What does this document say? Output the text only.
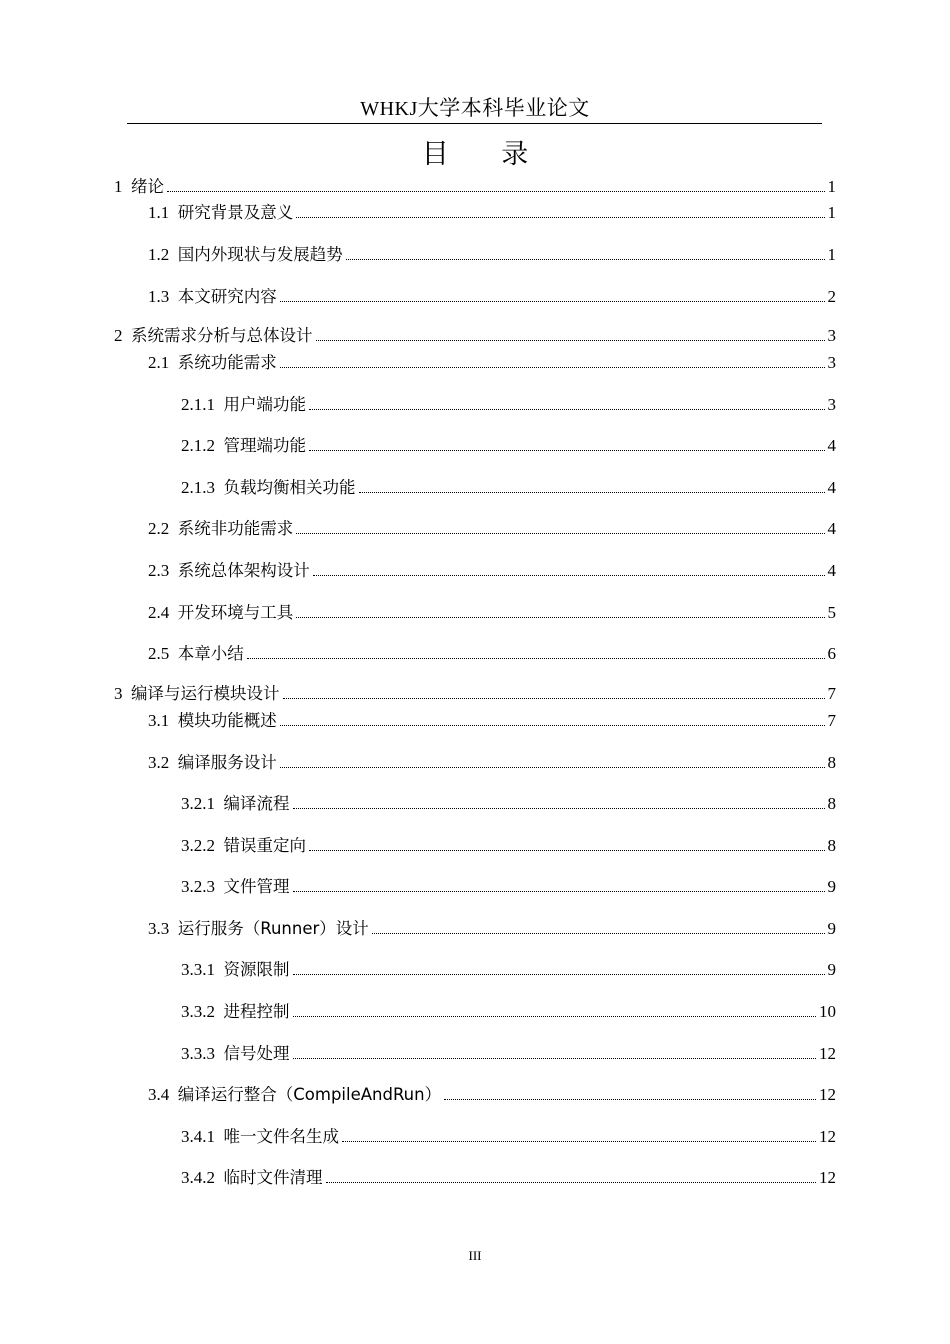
WHKJ大学本科毕业论文
目 录
1 绪论	1
1.1 研究背景及意义	1
1.2 国内外现状与发展趋势	1
1.3 本文研究内容	2
2 系统需求分析与总体设计	3
2.1 系统功能需求	3
2.1.1 用户端功能	3
2.1.2 管理端功能	4
2.1.3 负载均衡相关功能	4
2.2 系统非功能需求	4
2.3 系统总体架构设计	4
2.4 开发环境与工具	5
2.5 本章小结	6
3 编译与运行模块设计	7
3.1 模块功能概述	7
3.2 编译服务设计	8
3.2.1 编译流程	8
3.2.2 错误重定向	8
3.2.3 文件管理	9
3.3 运行服务（Runner）设计	9
3.3.1 资源限制	9
3.3.2 进程控制	10
3.3.3 信号处理	12
3.4 编译运行整合（CompileAndRun）	12
3.4.1 唯一文件名生成	12
3.4.2 临时文件清理	12
III
